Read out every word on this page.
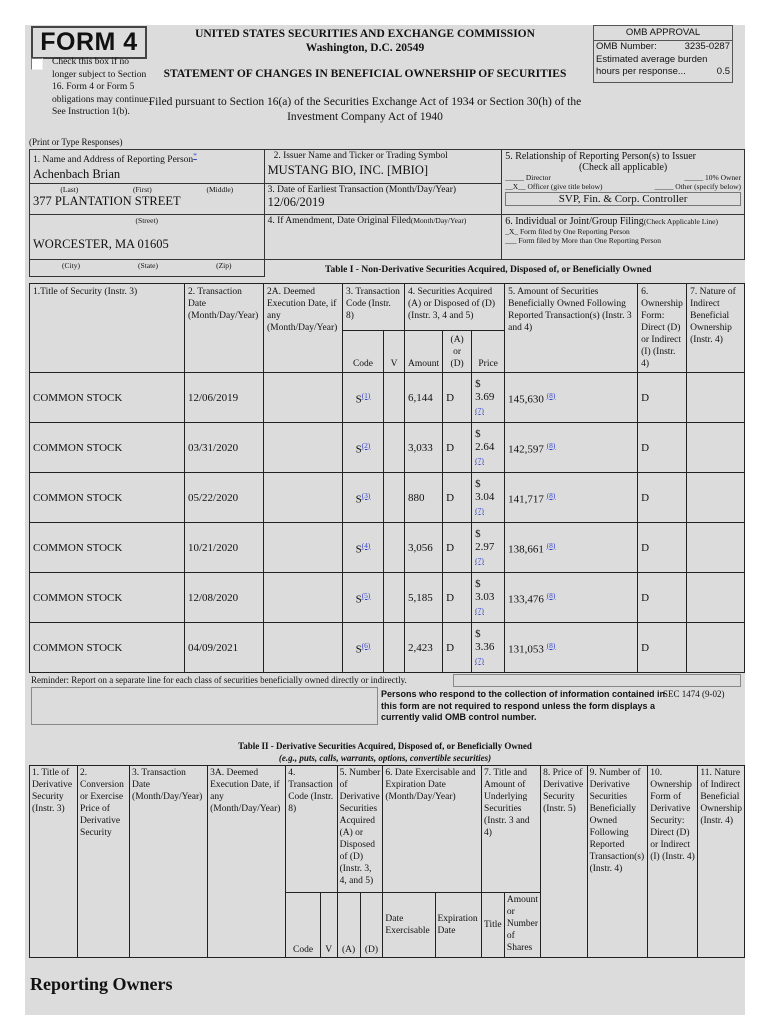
FORM 4
Check this box if no longer subject to Section 16. Form 4 or Form 5 obligations may continue. See Instruction 1(b).
UNITED STATES SECURITIES AND EXCHANGE COMMISSION
Washington, D.C. 20549
STATEMENT OF CHANGES IN BENEFICIAL OWNERSHIP OF SECURITIES
Filed pursuant to Section 16(a) of the Securities Exchange Act of 1934 or Section 30(h) of the Investment Company Act of 1940
OMB APPROVAL
OMB Number:	3235-0287
Estimated average burden
hours per response...	0.5
(Print or Type Responses)
1. Name and Address of Reporting Person*
Achenbach Brian
	2. Issuer Name and Ticker or Trading Symbol
MUSTANG BIO, INC. [MBIO]

5. Relationship of Reporting Person(s) to Issuer
(Check all applicable)
_____ Director	_____ 10% Owner
__X__ Officer (give title below)	_____ Other (specify below)
SVP, Fin. & Corp. Controller

(Last) (First) (Middle)
377 PLANTATION STREET	3. Date of Earliest Transaction (Month/Day/Year)
12/06/2019	

(Street)
WORCESTER, MA 01605
	4. If Amendment, Date Original Filed(Month/Day/Year)	6. Individual or Joint/Group Filing(Check Applicable Line)
_X_ Form filed by One Reporting Person
___ Form filed by More than One Reporting Person

(City) (State) (Zip)		
		Table I - Non-Derivative Securities Acquired, Disposed of, or Beneficially Owned
1.Title of Security (Instr. 3)	2. Transaction Date (Month/Day/Year)	2A. Deemed Execution Date, if any (Month/Day/Year)	3. Transaction Code (Instr. 8)		4. Securities Acquired (A) or Disposed of (D) (Instr. 3, 4 and 5)			5. Amount of Securities Beneficially Owned Following Reported Transaction(s) (Instr. 3 and 4)	6. Ownership Form: Direct (D) or Indirect (I) (Instr. 4)	7. Nature of Indirect Beneficial Ownership (Instr. 4)
			Code	V	Amount	(A) or (D)	Price			
COMMON STOCK	12/06/2019		$S^{(1)}$		6,144	D	$
3.69
(7)	145,630 $^{(8)}$	D	
COMMON STOCK	03/31/2020		$S^{(2)}$		3,033	D	$
2.64
(7)	142,597 $^{(8)}$	D	
COMMON STOCK	05/22/2020		$S^{(3)}$		880	D	$
3.04
(7)	141,717 $^{(8)}$	D	
COMMON STOCK	10/21/2020		$S^{(4)}$		3,056	D	$
2.97
(7)	138,661 $^{(8)}$	D	
COMMON STOCK	12/08/2020		$S^{(5)}$		5,185	D	$
3.03
(7)	133,476 $^{(8)}$	D	
COMMON STOCK	04/09/2021		$S^{(6)}$		2,423	D	$
3.36
(7)	131,053 $^{(8)}$	D	
Reminder: Report on a separate line for each class of securities beneficially owned directly or indirectly.
Persons who respond to the collection of information contained in this form are not required to respond unless the form displays a currently valid OMB control number.
SEC 1474 (9-02)
Table II - Derivative Securities Acquired, Disposed of, or Beneficially Owned
(e.g., puts, calls, warrants, options, convertible securities)
1. Title of Derivative Security (Instr. 3)	2. Conversion or Exercise Price of Derivative Security	3. Transaction Date (Month/Day/Year)	3A. Deemed Execution Date, if any (Month/Day/Year)	4. Transaction Code (Instr. 8)		5. Number of Derivative Securities Acquired (A) or Disposed of (D) (Instr. 3, 4, and 5)		6. Date Exercisable and Expiration Date (Month/Day/Year)		7. Title and Amount of Underlying Securities (Instr. 3 and 4)		8. Price of Derivative Security (Instr. 5)	9. Number of Derivative Securities Beneficially Owned Following Reported Transaction(s) (Instr. 4)	10. Ownership Form of Derivative Security: Direct (D) or Indirect (I) (Instr. 4)	11. Nature of Indirect Beneficial Ownership (Instr. 4)
				Code	V	(A)	(D)	Date Exercisable	Expiration Date	Title	Amount or Number of Shares				
Reporting Owners
